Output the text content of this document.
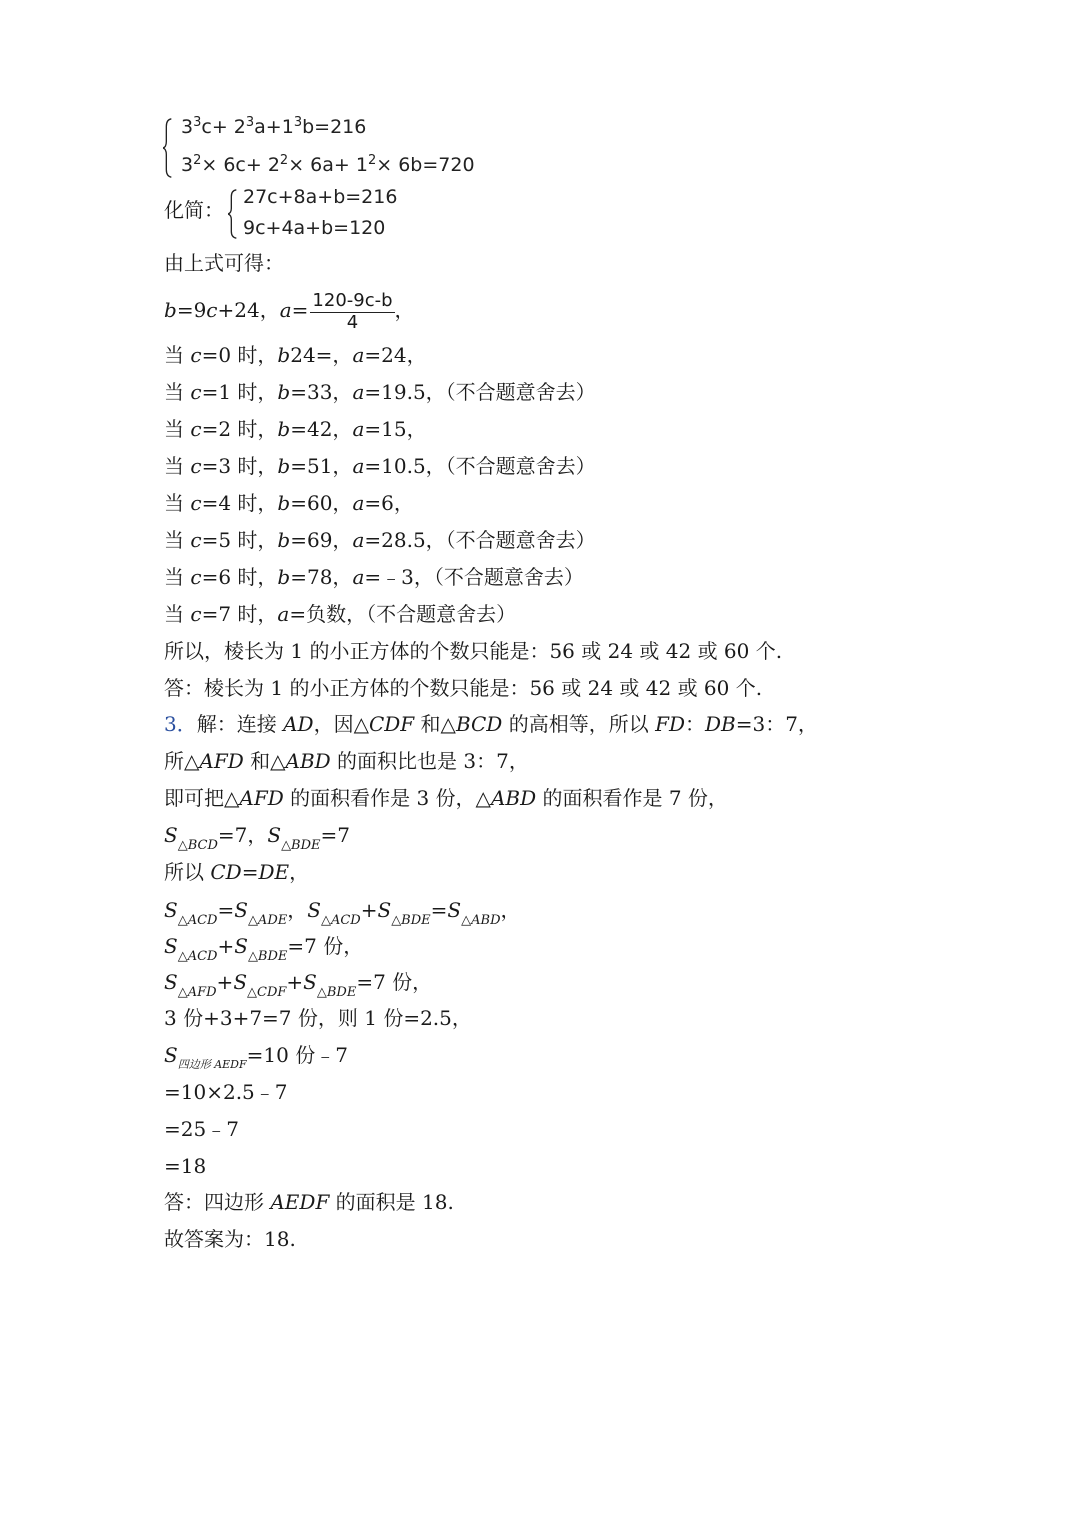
$3^3c+ 2^3a+1^3b=216$
$3^2\times 6c+ 2^2\times 6a+ 1^2\times 6b=720$
化简：
27c+8a+b=216
9c+4a+b=120
由上式可得：
b=9c+24，$a= \frac{120-9c-b}{4}$ ，
当 c=0 时，b24=，a=24，
当 c=1 时，b=33，a=19.5，（不合题意舍去）
当 c=2 时，b=42，a=15，
当 c=3 时，b=51，a=10.5，（不合题意舍去）
当 c=4 时，b=60，a=6，
当 c=5 时，b=69，a=28.5，（不合题意舍去）
当 c=6 时，b=78，a=﹣3，（不合题意舍去）
当 c=7 时，a=负数，（不合题意舍去）
所以，棱长为 1 的小正方体的个数只能是：56 或 24 或 42 或 60 个.
答：棱长为 1 的小正方体的个数只能是：56 或 24 或 42 或 60 个.
3．解：连接 AD，因△CDF 和△BCD 的高相等，所以 FD：DB=3：7，
所△AFD 和△ABD 的面积比也是 3：7，
即可把△AFD 的面积看作是 3 份，△ABD 的面积看作是 7 份，
$S_{\triangle BCD}=7$，$S_{\triangle BDE}=7$
所以 CD=DE，
$S_{\triangle ACD}=S_{\triangle ADE}$，$S_{\triangle ACD}+S_{\triangle BDE}=S_{\triangle ABD}$，
$S_{\triangle ACD}+S_{\triangle BDE}=7$ 份，
$S_{\triangle AFD}+S_{\triangle CDF}+S_{\triangle BDE}=7$ 份，
3 份+3+7=7 份，则 1 份=2.5，
$S_{四边形 AEDF}=10$ 份﹣7
=10×2.5﹣7
=25﹣7
=18
答：四边形 AEDF 的面积是 18.
故答案为：18.
